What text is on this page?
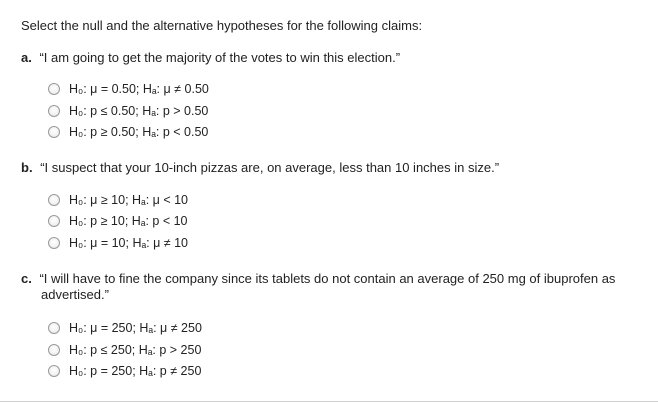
Select the null and the alternative hypotheses for the following claims:
a. “I am going to get the majority of the votes to win this election.”
H₀: μ = 0.50; Hₐ: μ ≠ 0.50
H₀: p ≤ 0.50; Hₐ: p > 0.50
H₀: p ≥ 0.50; Hₐ: p < 0.50
b. “I suspect that your 10-inch pizzas are, on average, less than 10 inches in size.”
H₀: μ ≥ 10; Hₐ: μ < 10
H₀: p ≥ 10; Hₐ: p < 10
H₀: μ = 10; Hₐ: μ ≠ 10
c. “I will have to fine the company since its tablets do not contain an average of 250 mg of ibuprofen as
advertised.”
H₀: μ = 250; Hₐ: μ ≠ 250
H₀: p ≤ 250; Hₐ: p > 250
H₀: p = 250; Hₐ: p ≠ 250
